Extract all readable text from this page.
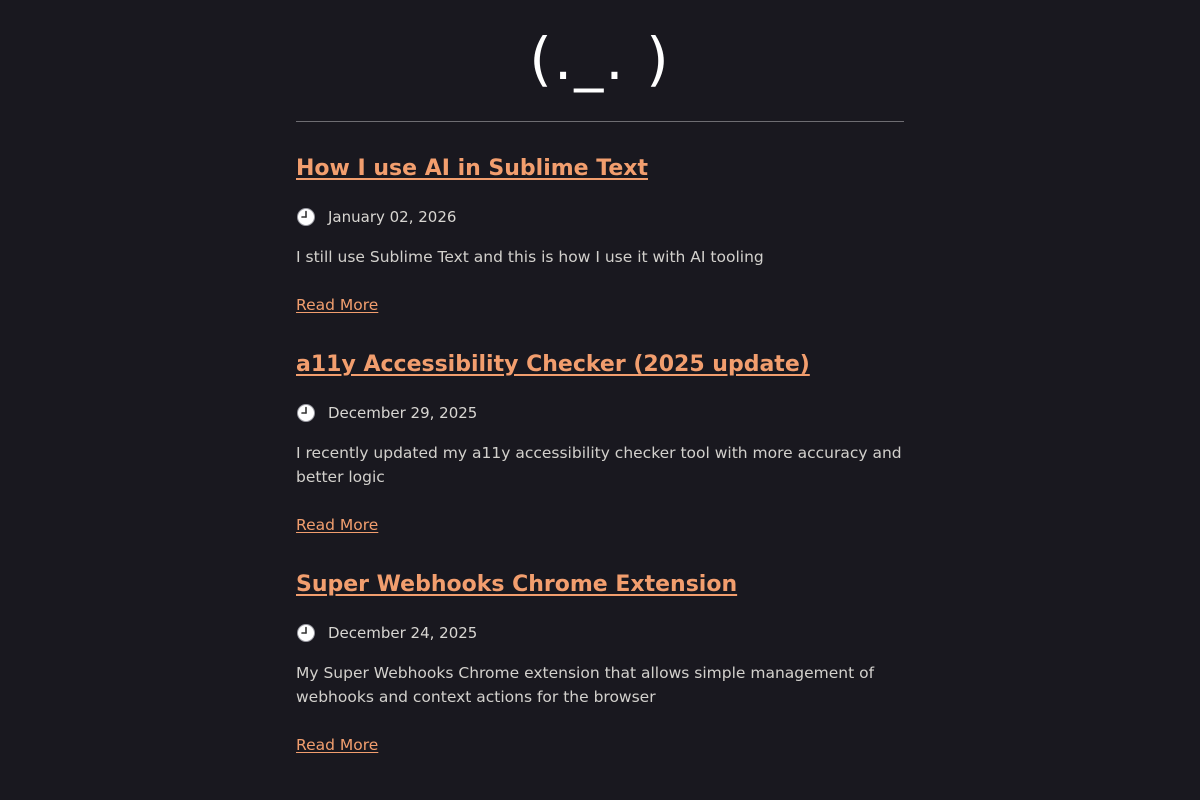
(._. )
How I use AI in Sublime Text
January 02, 2026
I still use Sublime Text and this is how I use it with AI tooling
Read More
a11y Accessibility Checker (2025 update)
December 29, 2025
I recently updated my a11y accessibility checker tool with more accuracy and better logic
Read More
Super Webhooks Chrome Extension
December 24, 2025
My Super Webhooks Chrome extension that allows simple management of webhooks and context actions for the browser
Read More
